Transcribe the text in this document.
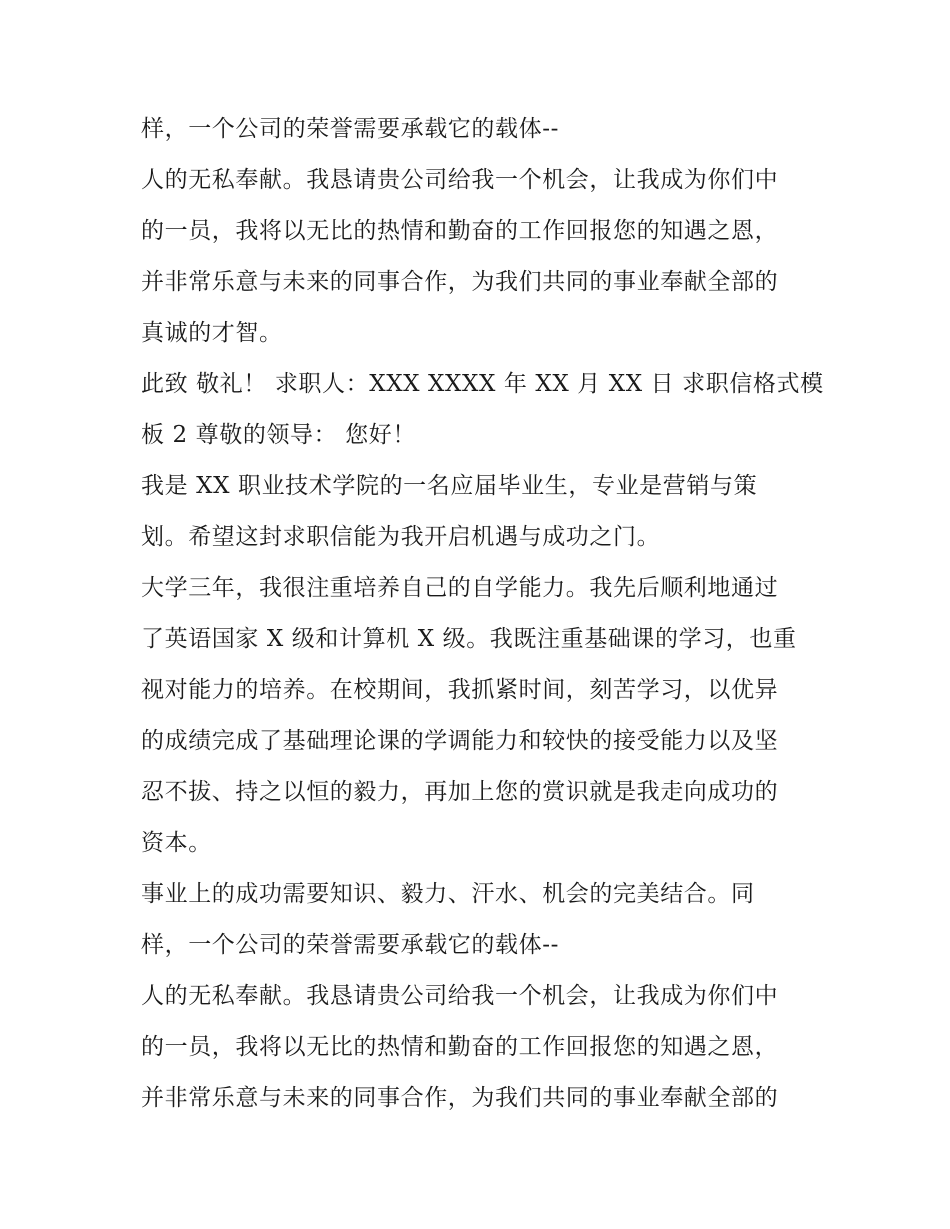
样，一个公司的荣誉需要承载它的载体--
人的无私奉献。我恳请贵公司给我一个机会，让我成为你们中
的一员，我将以无比的热情和勤奋的工作回报您的知遇之恩，
并非常乐意与未来的同事合作，为我们共同的事业奉献全部的
真诚的才智。
此致 敬礼！ 求职人：XXX XXXX 年 XX 月 XX 日 求职信格式模
板 2 尊敬的领导： 您好！
我是 XX 职业技术学院的一名应届毕业生，专业是营销与策
划。希望这封求职信能为我开启机遇与成功之门。
大学三年，我很注重培养自己的自学能力。我先后顺利地通过
了英语国家 X 级和计算机 X 级。我既注重基础课的学习，也重
视对能力的培养。在校期间，我抓紧时间，刻苦学习，以优异
的成绩完成了基础理论课的学调能力和较快的接受能力以及坚
忍不拔、持之以恒的毅力，再加上您的赏识就是我走向成功的
资本。
事业上的成功需要知识、毅力、汗水、机会的完美结合。同
样，一个公司的荣誉需要承载它的载体--
人的无私奉献。我恳请贵公司给我一个机会，让我成为你们中
的一员，我将以无比的热情和勤奋的工作回报您的知遇之恩，
并非常乐意与未来的同事合作，为我们共同的事业奉献全部的
